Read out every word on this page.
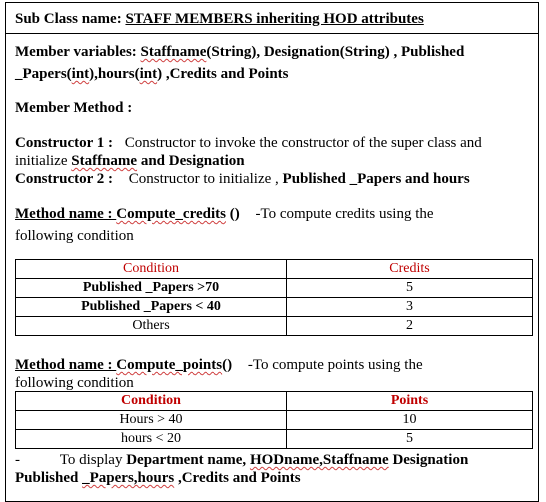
Sub Class name: STAFF MEMBERS inheriting HOD attributes
Member variables: Staffname(String), Designation(String) , Published
_Papers(int),hours(int) ,Credits and Points
Member Method :
Constructor 1 : Constructor to invoke the constructor of the super class and
initialize Staffname and Designation
Constructor 2 : Constructor to initialize , Published _Papers and hours
Method name : Compute_credits () -To compute credits using the
following condition
Condition	Credits
Published _Papers >70	5
Published _Papers < 40	3
Others	2
Method name : Compute_points() -To compute points using the
following condition
Condition	Points
Hours > 40	10
hours < 20	5
-	To display Department name, HODname,Staffname Designation
Published _Papers,hours ,Credits and Points
